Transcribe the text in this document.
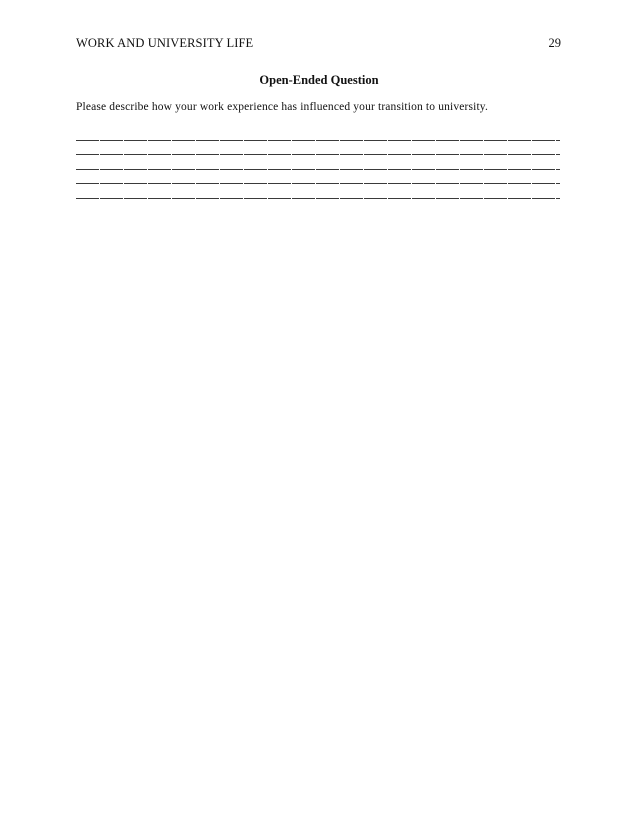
WORK AND UNIVERSITY LIFE	29
Open-Ended Question
Please describe how your work experience has influenced your transition to university.
